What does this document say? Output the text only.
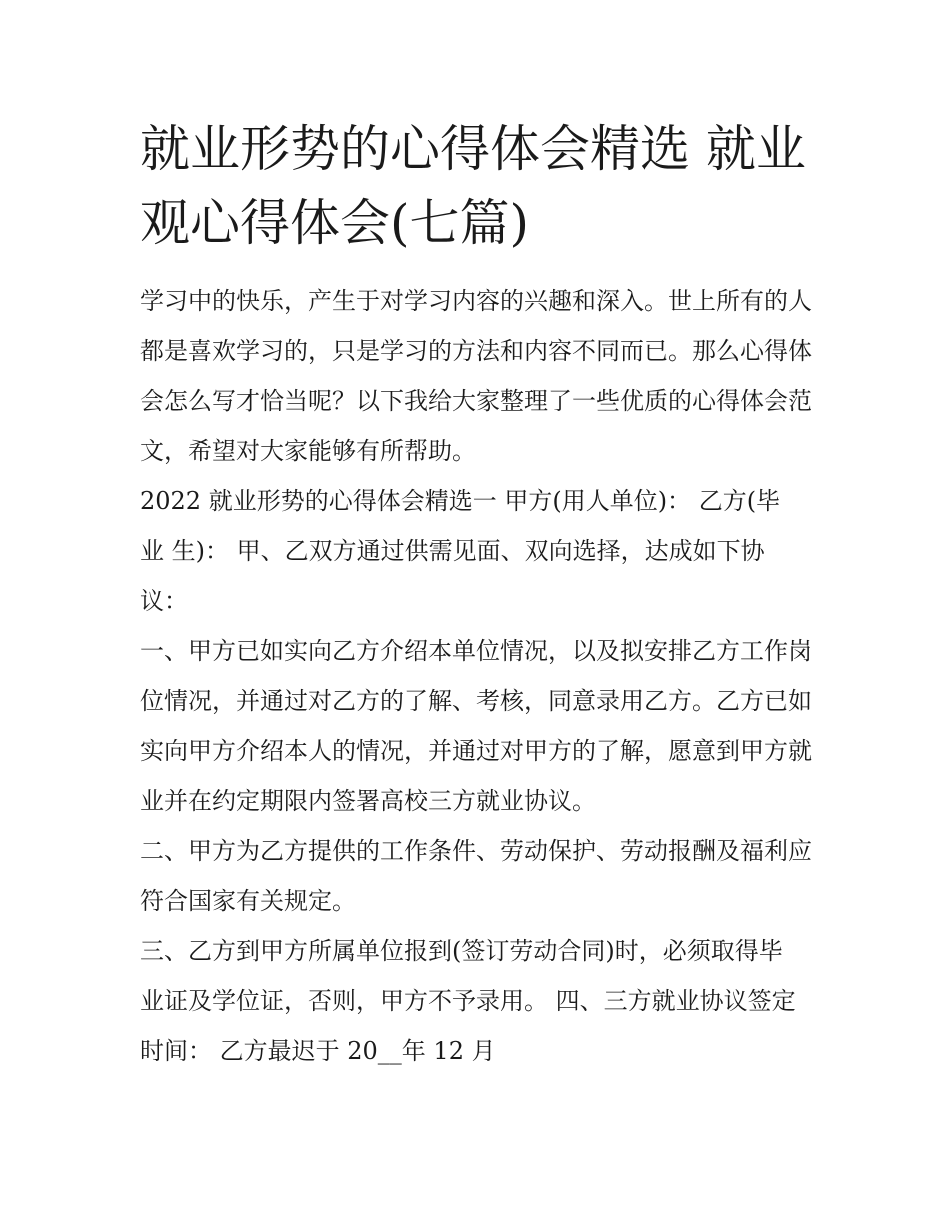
就业形势的心得体会精选 就业观心得体会(七篇)

学习中的快乐，产生于对学习内容的兴趣和深入。世上所有的人都是喜欢学习的，只是学习的方法和内容不同而已。那么心得体会怎么写才恰当呢？以下我给大家整理了一些优质的心得体会范文，希望对大家能够有所帮助。

2022 就业形势的心得体会精选一 甲方(用人单位)： 乙方(毕业 生)： 甲、乙双方通过供需见面、双向选择，达成如下协议：

一、甲方已如实向乙方介绍本单位情况，以及拟安排乙方工作岗位情况，并通过对乙方的了解、考核，同意录用乙方。乙方已如实向甲方介绍本人的情况，并通过对甲方的了解，愿意到甲方就业并在约定期限内签署高校三方就业协议。

二、甲方为乙方提供的工作条件、劳动保护、劳动报酬及福利应符合国家有关规定。

三、乙方到甲方所属单位报到(签订劳动合同)时，必须取得毕业证及学位证，否则，甲方不予录用。 四、三方就业协议签定时间： 乙方最迟于 20__年 12 月
